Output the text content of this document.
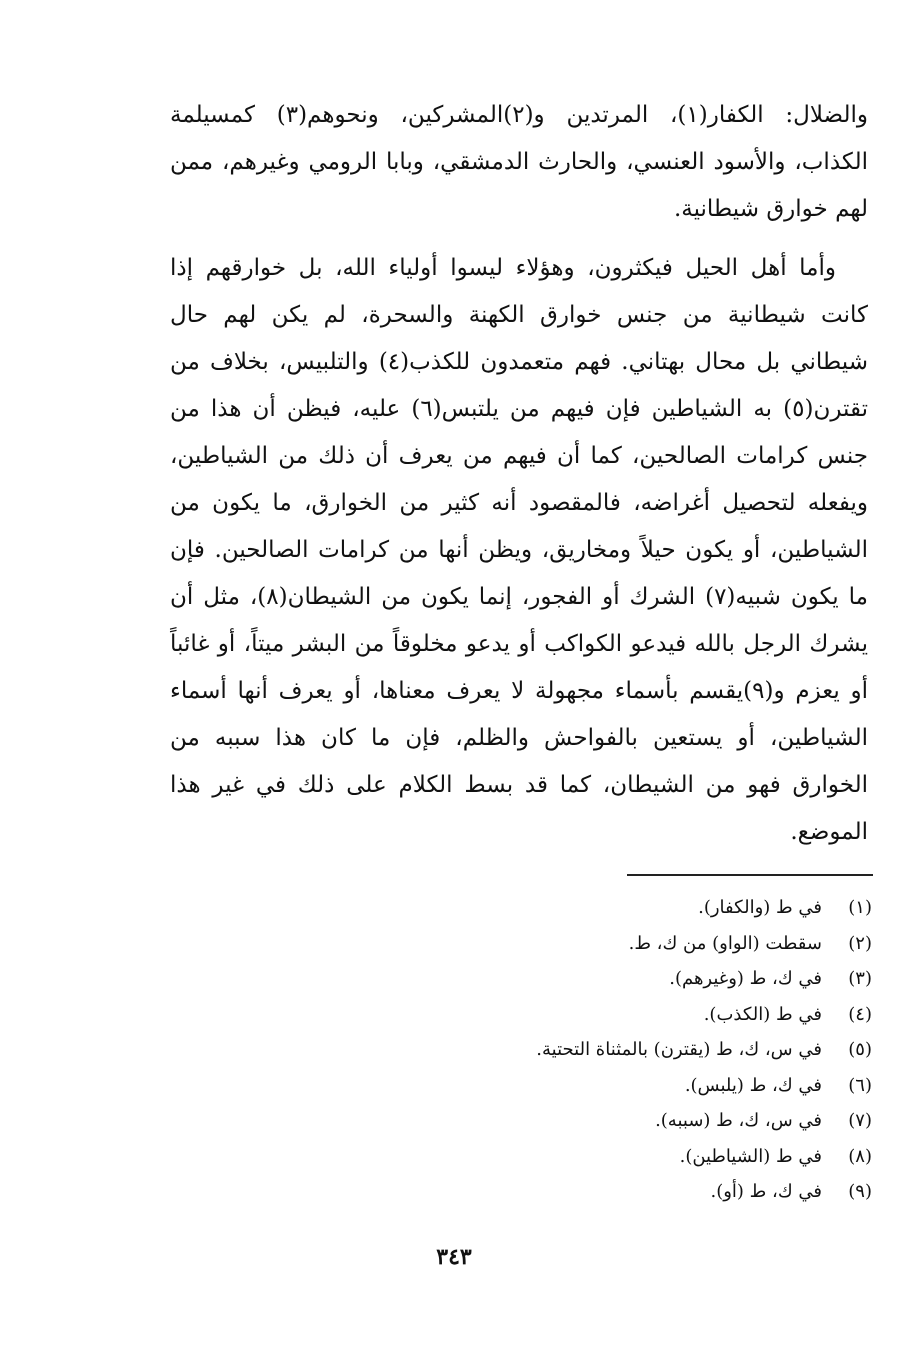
والضلال: الكفار(١)، المرتدين و(٢)المشركين، ونحوهم(٣) كمسيلمة الكذاب، والأسود العنسي، والحارث الدمشقي، وبابا الرومي وغيرهم، ممن لهم خوارق شيطانية.

وأما أهل الحيل فيكثرون، وهؤلاء ليسوا أولياء الله، بل خوارقهم إذا كانت شيطانية من جنس خوارق الكهنة والسحرة، لم يكن لهم حال شيطاني بل محال بهتاني. فهم متعمدون للكذب(٤) والتلبيس، بخلاف من تقترن(٥) به الشياطين فإن فيهم من يلتبس(٦) عليه، فيظن أن هذا من جنس كرامات الصالحين، كما أن فيهم من يعرف أن ذلك من الشياطين، ويفعله لتحصيل أغراضه، فالمقصود أنه كثير من الخوارق، ما يكون من الشياطين، أو يكون حيلاً ومخاريق، ويظن أنها من كرامات الصالحين. فإن ما يكون شبيه(٧) الشرك أو الفجور، إنما يكون من الشيطان(٨)، مثل أن يشرك الرجل بالله فيدعو الكواكب أو يدعو مخلوقاً من البشر ميتاً، أو غائباً أو يعزم و(٩)يقسم بأسماء مجهولة لا يعرف معناها، أو يعرف أنها أسماء الشياطين، أو يستعين بالفواحش والظلم، فإن ما كان هذا سببه من الخوارق فهو من الشيطان، كما قد بسط الكلام على ذلك في غير هذا الموضع.

(١)
في ط (والكفار).
(٢)
سقطت (الواو) من ك، ط.
(٣)
في ك، ط (وغيرهم).
(٤)
في ط (الكذب).
(٥)
في س، ك، ط (يقترن) بالمثناة التحتية.
(٦)
في ك، ط (يلبس).
(٧)
في س، ك، ط (سببه).
(٨)
في ط (الشياطين).
(٩)
في ك، ط (أو).
٣٤٣
